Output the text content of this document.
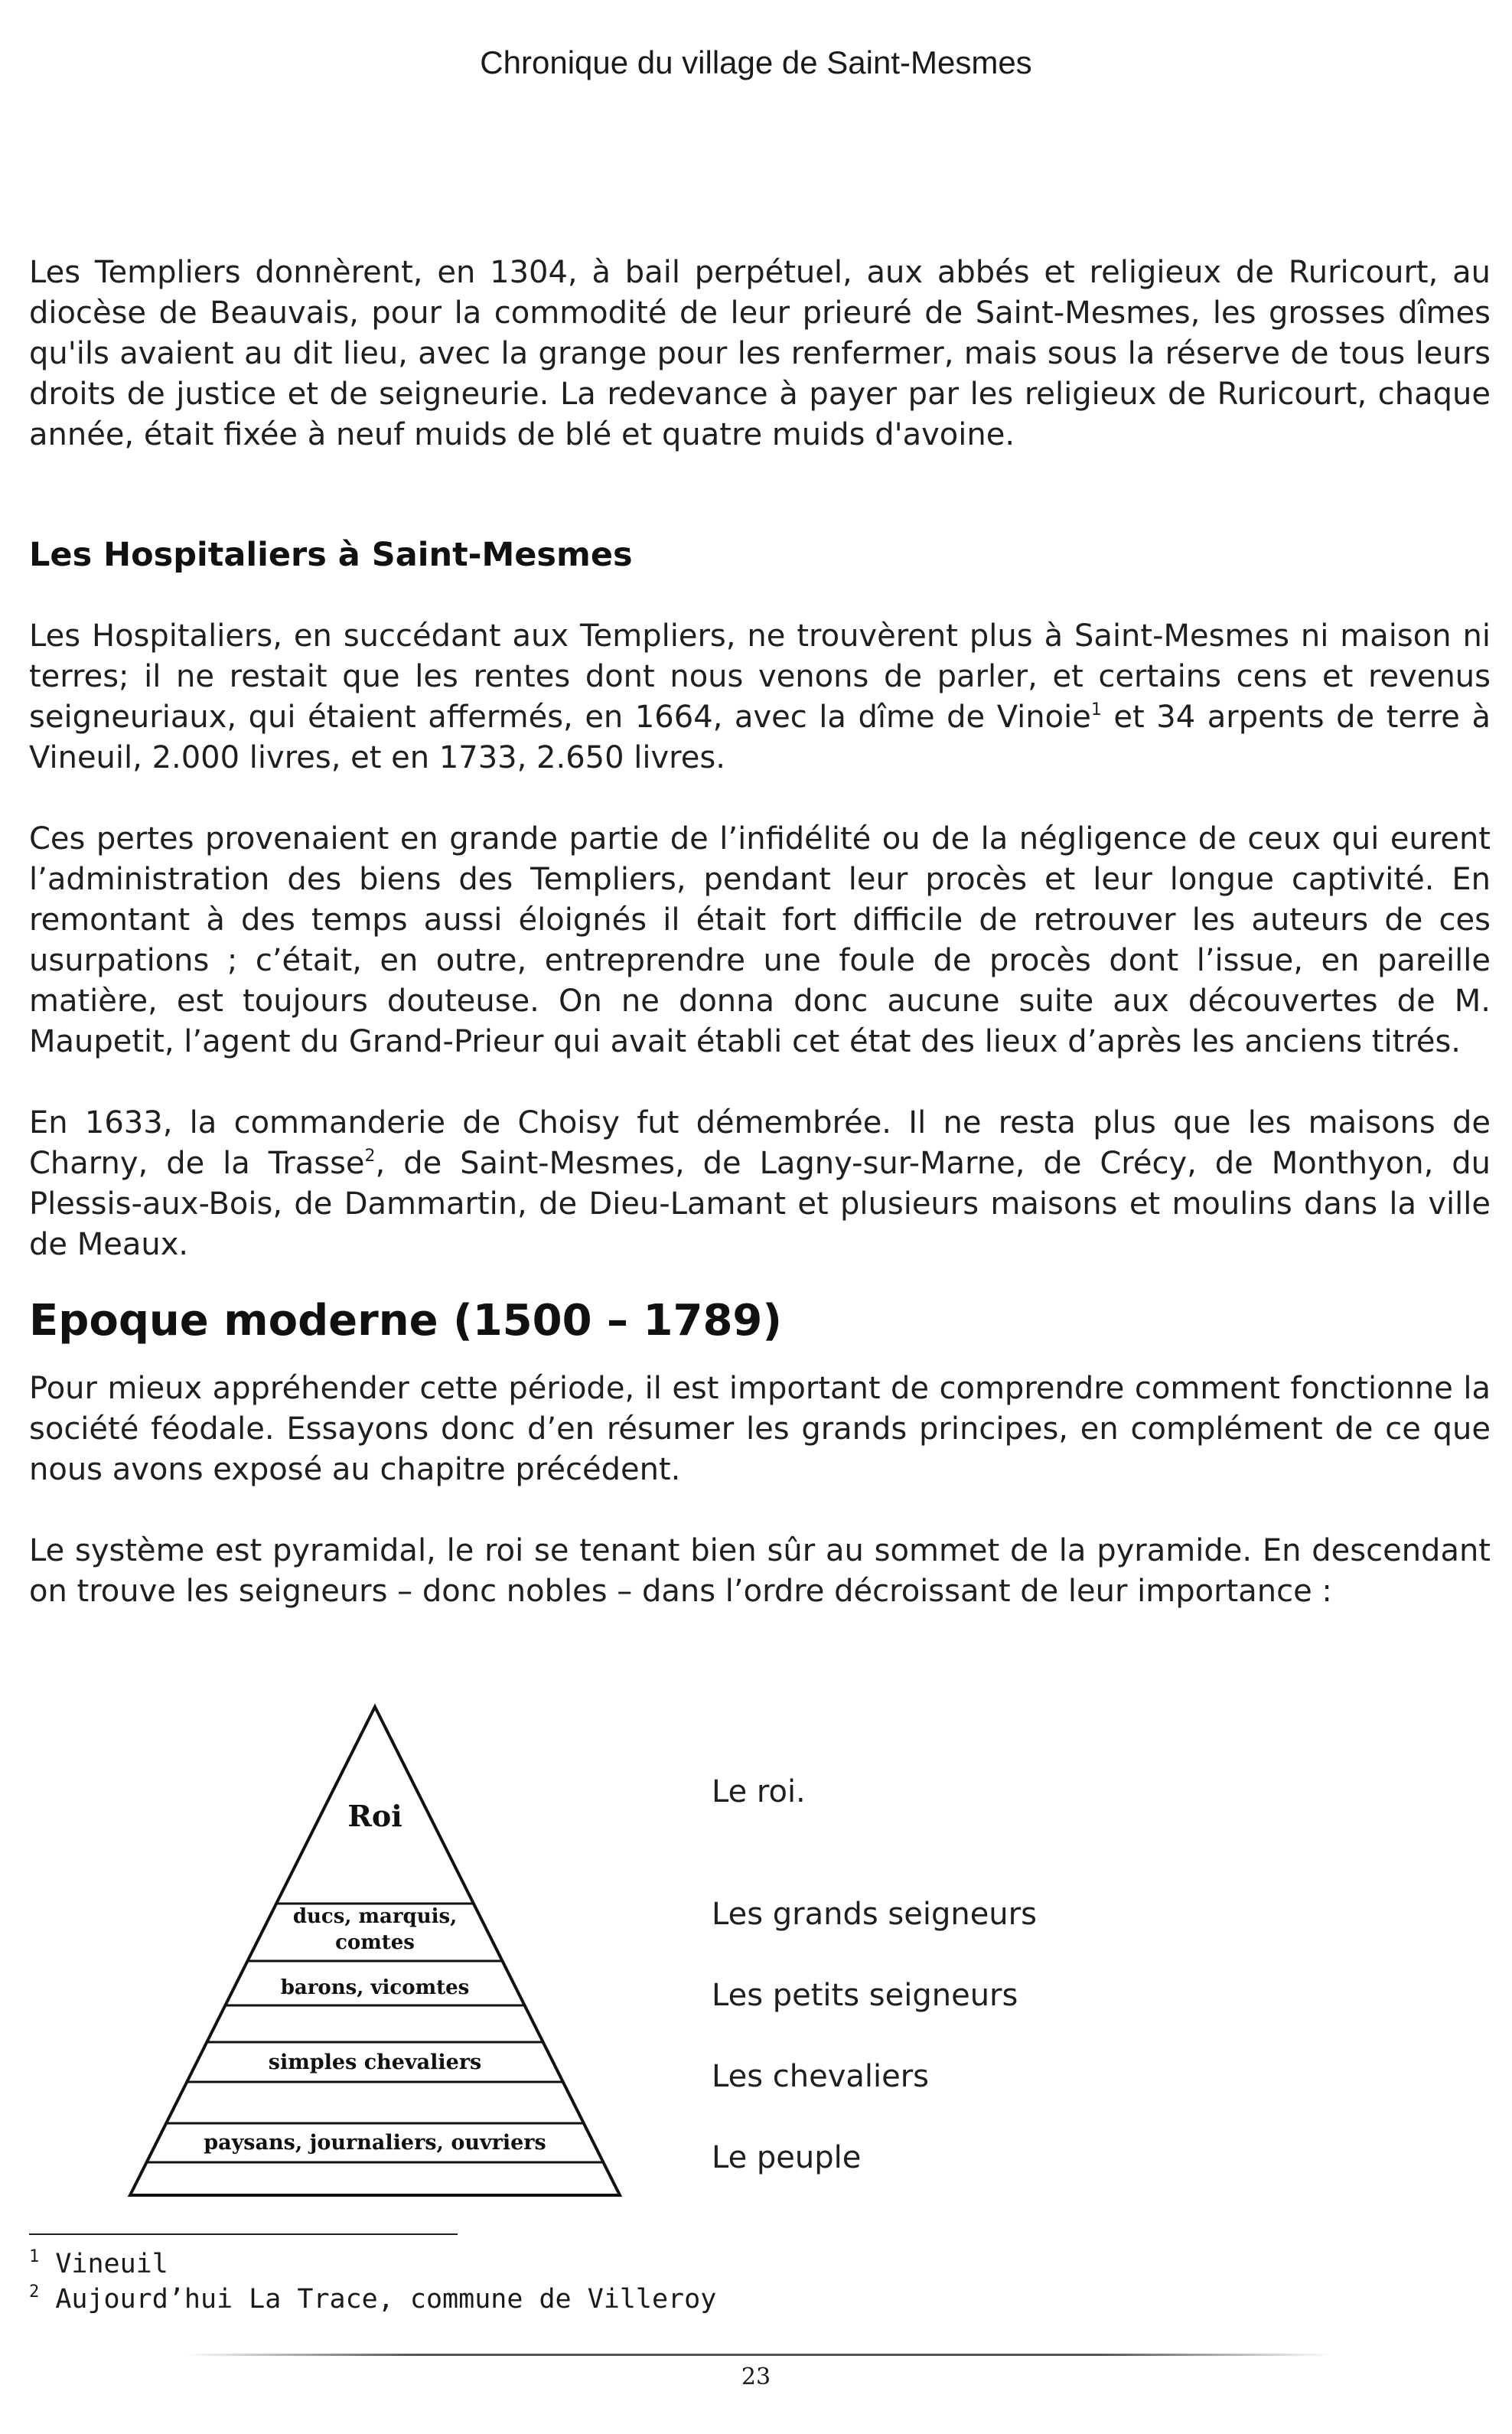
Chronique du village de Saint-Mesmes

Les Templiers donnèrent, en 1304, à bail perpétuel, aux abbés et religieux de Ruricourt, au diocèse de Beauvais, pour la commodité de leur prieuré de Saint-Mesmes, les grosses dîmes qu'ils avaient au dit lieu, avec la grange pour les renfermer, mais sous la réserve de tous leurs droits de justice et de seigneurie. La redevance à payer par les religieux de Ruricourt, chaque année, était fixée à neuf muids de blé et quatre muids d'avoine.

Les Hospitaliers à Saint-Mesmes

Les Hospitaliers, en succédant aux Templiers, ne trouvèrent plus à Saint-Mesmes ni maison ni terres; il ne restait que les rentes dont nous venons de parler, et certains cens et revenus seigneuriaux, qui étaient affermés, en 1664, avec la dîme de Vinoie$^1$ et 34 arpents de terre à Vineuil, 2.000 livres, et en 1733, 2.650 livres.

Ces pertes provenaient en grande partie de l’infidélité ou de la négligence de ceux qui eurent l’administration des biens des Templiers, pendant leur procès et leur longue captivité. En remontant à des temps aussi éloignés il était fort difficile de retrouver les auteurs de ces usurpations ; c’était, en outre, entreprendre une foule de procès dont l’issue, en pareille matière, est toujours douteuse. On ne donna donc aucune suite aux découvertes de M. Maupetit, l’agent du Grand-Prieur qui avait établi cet état des lieux d’après les anciens titrés.

En 1633, la commanderie de Choisy fut démembrée. Il ne resta plus que les maisons de Charny, de la Trasse$^2$, de Saint-Mesmes, de Lagny-sur-Marne, de Crécy, de Monthyon, du Plessis-aux-Bois, de Dammartin, de Dieu-Lamant et plusieurs maisons et moulins dans la ville de Meaux.

Epoque moderne (1500 – 1789)

Pour mieux appréhender cette période, il est important de comprendre comment fonctionne la société féodale. Essayons donc d’en résumer les grands principes, en complément de ce que nous avons exposé au chapitre précédent.

Le système est pyramidal, le roi se tenant bien sûr au sommet de la pyramide. En descendant on trouve les seigneurs – donc nobles – dans l’ordre décroissant de leur importance :

Roi
ducs, marquis,
comtes
barons, vicomtes
simples chevaliers
paysans, journaliers, ouvriers
Le roi.
Les grands seigneurs
Les petits seigneurs
Les chevaliers
Le peuple
$^1$ Vineuil
$^2$ Aujourd’hui La Trace, commune de Villeroy
23
